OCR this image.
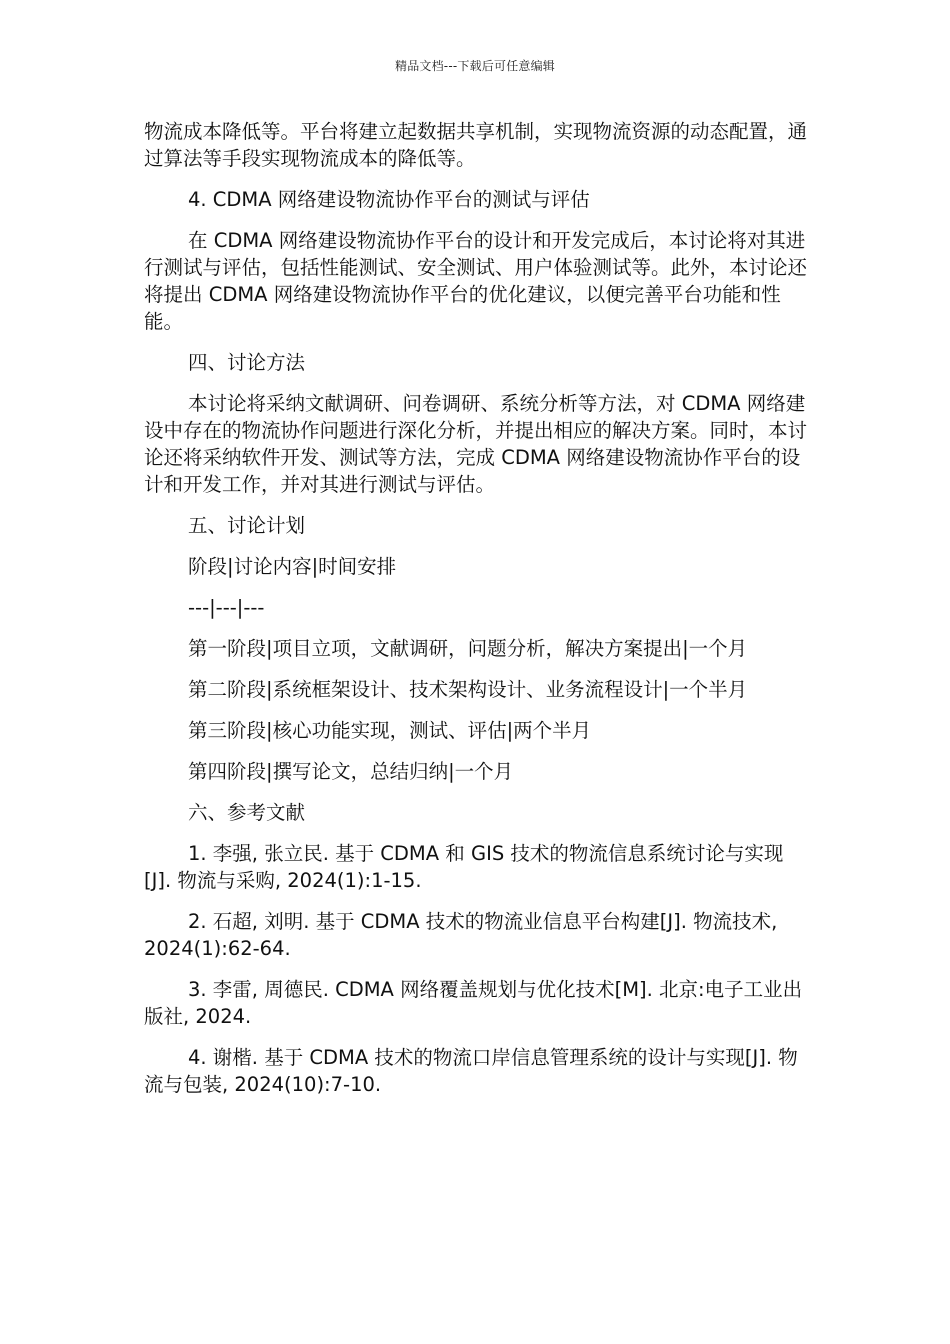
精品文档---下载后可任意编辑

物流成本降低等。平台将建立起数据共享机制，实现物流资源的动态配置，通过算法等手段实现物流成本的降低等。

4. CDMA 网络建设物流协作平台的测试与评估

在 CDMA 网络建设物流协作平台的设计和开发完成后，本讨论将对其进行测试与评估，包括性能测试、安全测试、用户体验测试等。此外，本讨论还将提出 CDMA 网络建设物流协作平台的优化建议，以便完善平台功能和性能。

四、讨论方法

本讨论将采纳文献调研、问卷调研、系统分析等方法，对 CDMA 网络建设中存在的物流协作问题进行深化分析，并提出相应的解决方案。同时，本讨论还将采纳软件开发、测试等方法，完成 CDMA 网络建设物流协作平台的设计和开发工作，并对其进行测试与评估。

五、讨论计划

阶段|讨论内容|时间安排

---|---|---

第一阶段|项目立项，文献调研，问题分析，解决方案提出|一个月

第二阶段|系统框架设计、技术架构设计、业务流程设计|一个半月

第三阶段|核心功能实现，测试、评估|两个半月

第四阶段|撰写论文，总结归纳|一个月

六、参考文献

1. 李强, 张立民. 基于 CDMA 和 GIS 技术的物流信息系统讨论与实现[J]. 物流与采购, 2024(1):1-15.

2. 石超, 刘明. 基于 CDMA 技术的物流业信息平台构建[J]. 物流技术, 2024(1):62-64.

3. 李雷, 周德民. CDMA 网络覆盖规划与优化技术[M]. 北京:电子工业出版社, 2024.

4. 谢楷. 基于 CDMA 技术的物流口岸信息管理系统的设计与实现[J]. 物流与包装, 2024(10):7-10.
